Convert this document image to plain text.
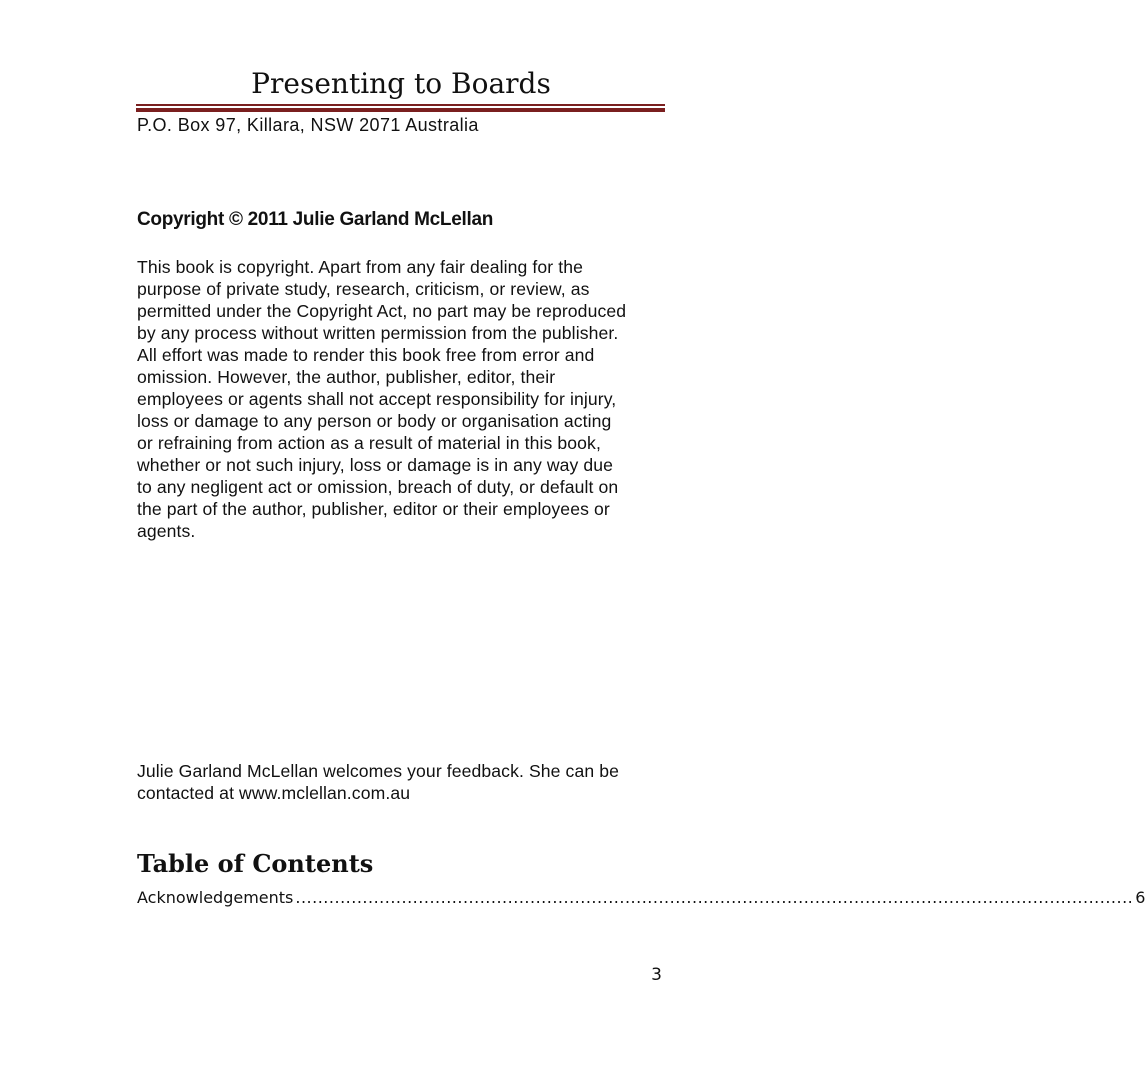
Presenting to Boards
P.O. Box 97, Killara, NSW 2071 Australia
Copyright © 2011 Julie Garland McLellan
This book is copyright. Apart from any fair dealing for the
purpose of private study, research, criticism, or review, as
permitted under the Copyright Act, no part may be reproduced
by any process without written permission from the publisher.
All effort was made to render this book free from error and
omission. However, the author, publisher, editor, their
employees or agents shall not accept responsibility for injury,
loss or damage to any person or body or organisation acting
or refraining from action as a result of material in this book,
whether or not such injury, loss or damage is in any way due
to any negligent act or omission, breach of duty, or default on
the part of the author, publisher, editor or their employees or
agents.
Julie Garland McLellan welcomes your feedback. She can be
contacted at www.mclellan.com.au
Table of Contents
Acknowledgements ...................................................................................................................................................... 6
3
